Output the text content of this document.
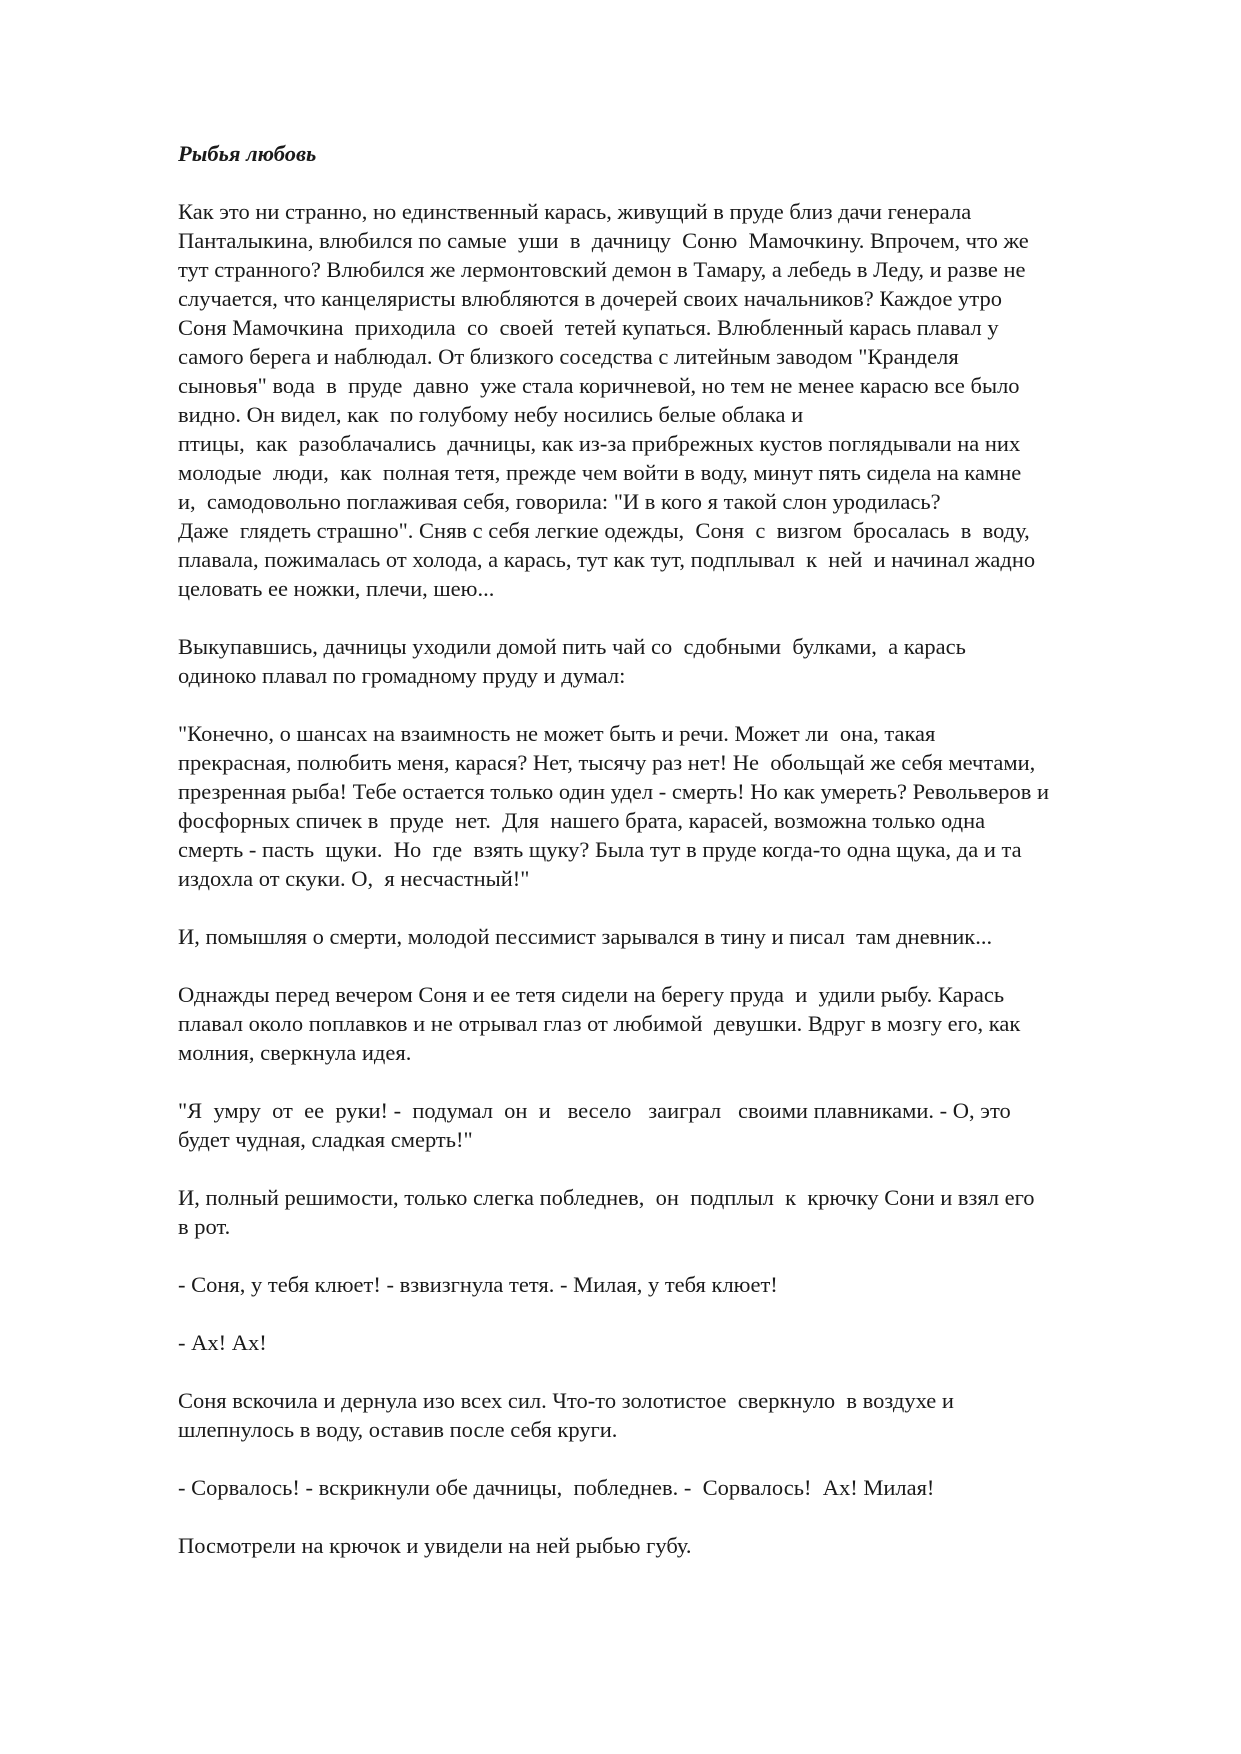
Рыбья любовь

Как это ни странно, но единственный карась, живущий в пруде близ дачи генерала
Панталыкина, влюбился по самые  уши  в  дачницу  Соню  Мамочкину. Впрочем, что же
тут странного? Влюбился же лермонтовский демон в Тамару, а лебедь в Леду, и разве не
случается, что канцеляристы влюбляются в дочерей своих начальников? Каждое утро
Соня Мамочкина  приходила  со  своей  тетей купаться. Влюбленный карась плавал у
самого берега и наблюдал. От близкого соседства с литейным заводом "Кранделя
сыновья" вода  в  пруде  давно  уже стала коричневой, но тем не менее карасю все было
видно. Он видел, как  по голубому небу носились белые облака и
птицы,  как  разоблачались  дачницы, как из-за прибрежных кустов поглядывали на них
молодые  люди,  как  полная тетя, прежде чем войти в воду, минут пять сидела на камне
и,  самодовольно поглаживая себя, говорила: "И в кого я такой слон уродилась?
Даже  глядеть страшно". Сняв с себя легкие одежды,  Соня  с  визгом  бросалась  в  воду,
плавала, пожималась от холода, а карась, тут как тут, подплывал  к  ней  и начинал жадно
целовать ее ножки, плечи, шею...

Выкупавшись, дачницы уходили домой пить чай со  сдобными  булками,  а карась
одиноко плавал по громадному пруду и думал:

"Конечно, о шансах на взаимность не может быть и речи. Может ли  она, такая
прекрасная, полюбить меня, карася? Нет, тысячу раз нет! Не  обольщай же себя мечтами,
презренная рыба! Тебе остается только один удел - смерть! Но как умереть? Револьверов и
фосфорных спичек в  пруде  нет.  Для  нашего брата, карасей, возможна только одна
смерть - пасть  щуки.  Но  где  взять щуку? Была тут в пруде когда-то одна щука, да и та
издохла от скуки. О,  я несчастный!"

И, помышляя о смерти, молодой пессимист зарывался в тину и писал  там дневник...

Однажды перед вечером Соня и ее тетя сидели на берегу пруда  и  удили рыбу. Карась
плавал около поплавков и не отрывал глаз от любимой  девушки. Вдруг в мозгу его, как
молния, сверкнула идея.

"Я  умру  от  ее  руки! -  подумал  он  и   весело   заиграл   своими плавниками. - О, это
будет чудная, сладкая смерть!"

И, полный решимости, только слегка побледнев,  он  подплыл  к  крючку Сони и взял его
в рот.

- Соня, у тебя клюет! - взвизгнула тетя. - Милая, у тебя клюет!

- Ах! Ах!

Соня вскочила и дернула изо всех сил. Что-то золотистое  сверкнуло  в воздухе и
шлепнулось в воду, оставив после себя круги.

- Сорвалось! - вскрикнули обе дачницы,  побледнев. -  Сорвалось!  Ах! Милая!

Посмотрели на крючок и увидели на ней рыбью губу.
